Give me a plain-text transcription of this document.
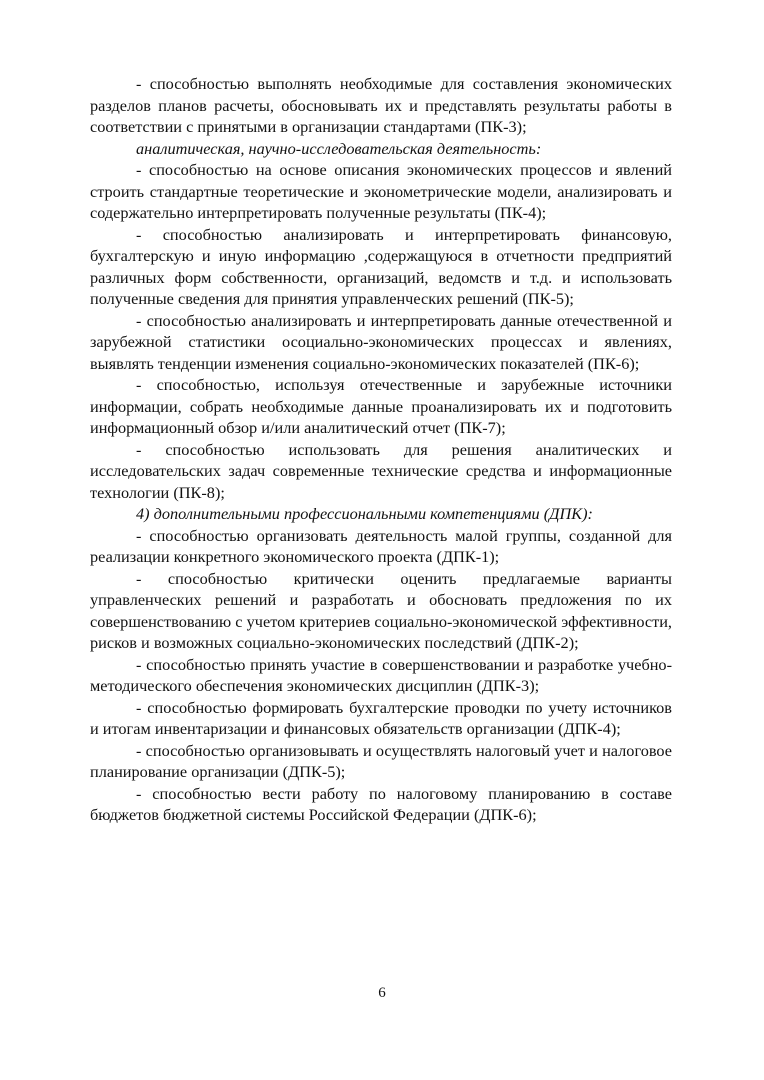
- способностью выполнять необходимые для составления экономических разделов планов расчеты, обосновывать их и представлять результаты работы в соответствии с принятыми в организации стандартами (ПК-3);

аналитическая, научно-исследовательская деятельность:

- способностью на основе описания экономических процессов и явлений строить стандартные теоретические и эконометрические модели, анализировать и содержательно интерпретировать полученные результаты (ПК-4);

- способностью анализировать и интерпретировать финансовую, бухгалтерскую и иную информацию ,содержащуюся в отчетности предприятий различных форм собственности, организаций, ведомств и т.д. и использовать полученные сведения для принятия управленческих решений (ПК-5);

- способностью анализировать и интерпретировать данные отечественной и зарубежной статистики осоциально-экономических процессах и явлениях, выявлять тенденции изменения социально-экономических показателей (ПК-6);

- способностью, используя отечественные и зарубежные источники информации, собрать необходимые данные проанализировать их и подготовить информационный обзор и/или аналитический отчет (ПК-7);

- способностью использовать для решения аналитических и исследовательских задач современные технические средства и информационные технологии (ПК-8);

4) дополнительными профессиональными компетенциями (ДПК):

- способностью организовать деятельность малой группы, созданной для реализации конкретного экономического проекта (ДПК-1);

- способностью критически оценить предлагаемые варианты управленческих решений и разработать и обосновать предложения по их совершенствованию с учетом критериев социально-экономической эффективности, рисков и возможных социально-экономических последствий (ДПК-2);

- способностью принять участие в совершенствовании и разработке учебно-методического обеспечения экономических дисциплин (ДПК-3);

- способностью формировать бухгалтерские проводки по учету источников и итогам инвентаризации и финансовых обязательств организации (ДПК-4);

- способностью организовывать и осуществлять налоговый учет и налоговое планирование организации (ДПК-5);

- способностью вести работу по налоговому планированию в составе бюджетов бюджетной системы Российской Федерации (ДПК-6);

6
